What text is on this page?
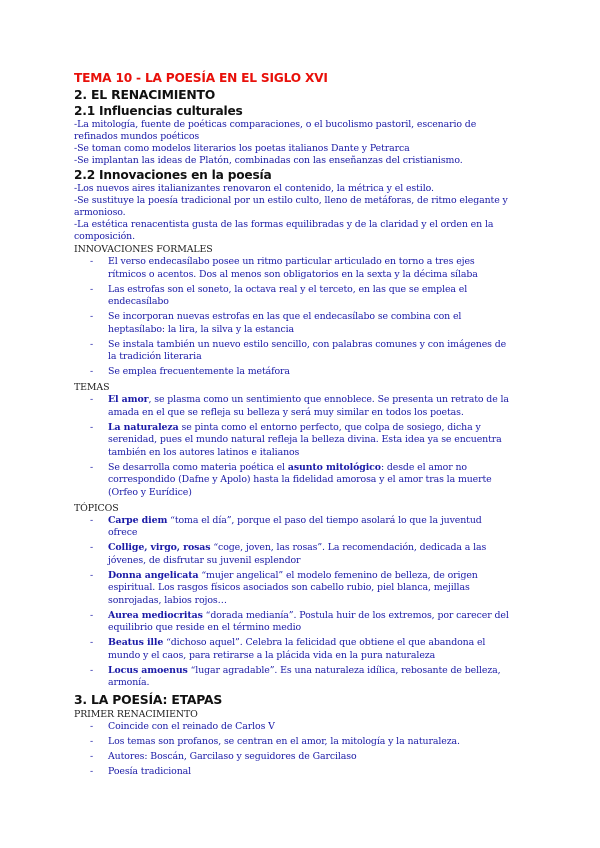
TEMA 10 - LA POESÍA EN EL SIGLO XVI
2. EL RENACIMIENTO
2.1 Influencias culturales
-La mitología, fuente de poéticas comparaciones, o el bucolismo pastoril, escenario de refinados mundos poéticos
-Se toman como modelos literarios los poetas italianos Dante y Petrarca
-Se implantan las ideas de Platón, combinadas con las enseñanzas del cristianismo.
2.2 Innovaciones en la poesía
-Los nuevos aires italianizantes renovaron el contenido, la métrica y el estilo.
-Se sustituye la poesía tradicional por un estilo culto, lleno de metáforas, de ritmo elegante y armonioso.
-La estética renacentista gusta de las formas equilibradas y de la claridad y el orden en la composición.
INNOVACIONES FORMALES
- El verso endecasílabo posee un ritmo particular articulado en torno a tres ejes rítmicos o acentos. Dos al menos son obligatorios en la sexta y la décima sílaba
- Las estrofas son el soneto, la octava real y el terceto, en las que se emplea el endecasílabo
- Se incorporan nuevas estrofas en las que el endecasílabo se combina con el heptasílabo: la lira, la silva y la estancia
- Se instala también un nuevo estilo sencillo, con palabras comunes y con imágenes de la tradición literaria
- Se emplea frecuentemente la metáfora
TEMAS
- El amor, se plasma como un sentimiento que ennoblece. Se presenta un retrato de la amada en el que se refleja su belleza y será muy similar en todos los poetas.
- La naturaleza se pinta como el entorno perfecto, que colpa de sosiego, dicha y serenidad, pues el mundo natural refleja la belleza divina. Esta idea ya se encuentra también en los autores latinos e italianos
- Se desarrolla como materia poética el asunto mitológico: desde el amor no correspondido (Dafne y Apolo) hasta la fidelidad amorosa y el amor tras la muerte (Orfeo y Eurídice)
TÓPICOS
- Carpe diem “toma el día”, porque el paso del tiempo asolará lo que la juventud ofrece
- Collige, virgo, rosas “coge, joven, las rosas”. La recomendación, dedicada a las jóvenes, de disfrutar su juvenil esplendor
- Donna angelicata “mujer angelical” el modelo femenino de belleza, de origen espiritual. Los rasgos físicos asociados son cabello rubio, piel blanca, mejillas sonrojadas, labios rojos…
- Aurea mediocritas “dorada medianía”. Postula huir de los extremos, por carecer del equilibrio que reside en el término medio
- Beatus ille “dichoso aquel”. Celebra la felicidad que obtiene el que abandona el mundo y el caos, para retirarse a la plácida vida en la pura naturaleza
- Locus amoenus “lugar agradable”. Es una naturaleza idílica, rebosante de belleza, armonía.
3. LA POESÍA: ETAPAS
PRIMER RENACIMIENTO
- Coincide con el reinado de Carlos V
- Los temas son profanos, se centran en el amor, la mitología y la naturaleza.
- Autores: Boscán, Garcilaso y seguidores de Garcilaso
- Poesía tradicional
